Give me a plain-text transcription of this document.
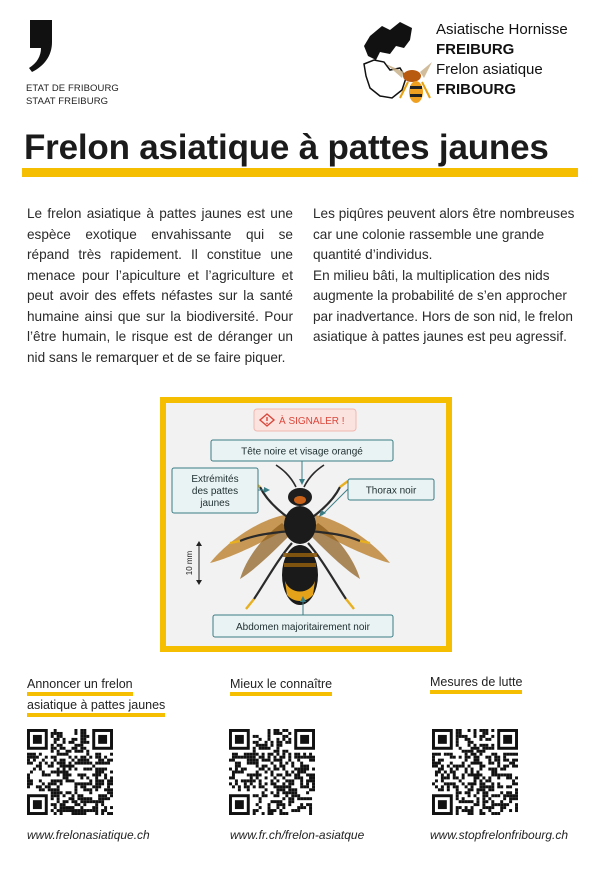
ETAT DE FRIBOURG
STAAT FREIBURG
Asiatische Hornisse
FREIBURG
Frelon asiatique
FRIBOURG
Frelon asiatique à pattes jaunes
Le frelon asiatique à pattes jaunes est une espèce exotique envahissante qui se répand très rapidement. Il constitue une menace pour l’apiculture et l’agriculture et peut avoir des effets néfastes sur la santé humaine ainsi que sur la biodiversité. Pour l’être humain, le risque est de déranger un nid sans le remarquer et de se faire piquer.

Les piqûres peuvent alors être nombreuses car une colonie rassemble une grande quantité d’individus.

En milieu bâti, la multiplication des nids augmente la probabilité de s’en approcher par inadvertance. Hors de son nid, le frelon asiatique à pattes jaunes est peu agressif.

À SIGNALER !
Tête noire et visage orangé
Extrémités
des pattes
jaunes
Thorax noir
Abdomen majoritairement noir
10 mm
Annoncer un frelon
asiatique à pattes jaunes
Mieux le connaître	Mesures de lutte
www.frelonasiatique.ch	www.fr.ch/frelon-asiatque	www.stopfrelonfribourg.ch
